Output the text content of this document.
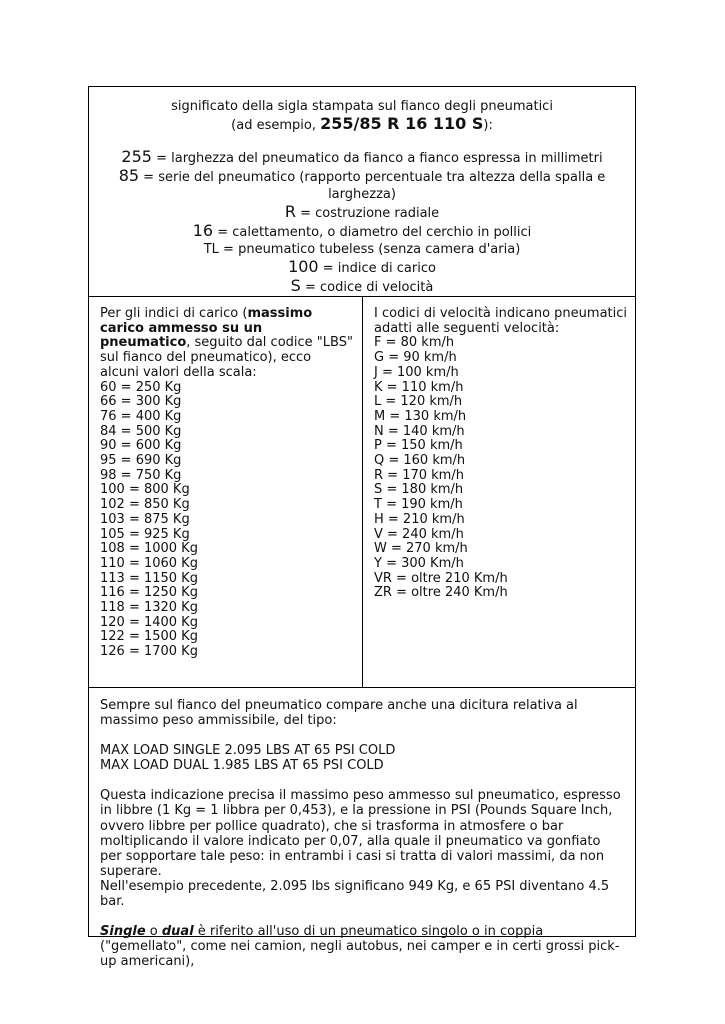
significato della sigla stampata sul fianco degli pneumatici
(ad esempio, 255/85 R 16 110 S):
255 = larghezza del pneumatico da fianco a fianco espressa in millimetri
85 = serie del pneumatico (rapporto percentuale tra altezza della spalla e larghezza)
R = costruzione radiale
16 = calettamento, o diametro del cerchio in pollici
TL = pneumatico tubeless (senza camera d'aria)
100 = indice di carico
S = codice di velocità
Per gli indici di carico (massimo carico ammesso su un pneumatico, seguito dal codice "LBS" sul fianco del pneumatico), ecco alcuni valori della scala:
60 = 250 Kg
66 = 300 Kg
76 = 400 Kg
84 = 500 Kg
90 = 600 Kg
95 = 690 Kg
98 = 750 Kg
100 = 800 Kg
102 = 850 Kg
103 = 875 Kg
105 = 925 Kg
108 = 1000 Kg
110 = 1060 Kg
113 = 1150 Kg
116 = 1250 Kg
118 = 1320 Kg
120 = 1400 Kg
122 = 1500 Kg
126 = 1700 Kg
I codici di velocità indicano pneumatici adatti alle seguenti velocità:
F = 80 km/h
G = 90 km/h
J = 100 km/h
K = 110 km/h
L = 120 km/h
M = 130 km/h
N = 140 km/h
P = 150 km/h
Q = 160 km/h
R = 170 km/h
S = 180 km/h
T = 190 km/h
H = 210 km/h
V = 240 km/h
W = 270 km/h
Y = 300 Km/h
VR = oltre 210 Km/h
ZR = oltre 240 Km/h

Sempre sul fianco del pneumatico compare anche una dicitura relativa al massimo peso ammissibile, del tipo:

MAX LOAD SINGLE 2.095 LBS AT 65 PSI COLD

MAX LOAD DUAL 1.985 LBS AT 65 PSI COLD

Questa indicazione precisa il massimo peso ammesso sul pneumatico, espresso in libbre (1 Kg = 1 libbra per 0,453), e la pressione in PSI (Pounds Square Inch, ovvero libbre per pollice quadrato), che si trasforma in atmosfere o bar moltiplicando il valore indicato per 0,07, alla quale il pneumatico va gonfiato per sopportare tale peso: in entrambi i casi si tratta di valori massimi, da non superare.

Nell'esempio precedente, 2.095 lbs significano 949 Kg, e 65 PSI diventano 4.5 bar.

Single o dual è riferito all'uso di un pneumatico singolo o in coppia ("gemellato", come nei camion, negli autobus, nei camper e in certi grossi pick-up americani),
